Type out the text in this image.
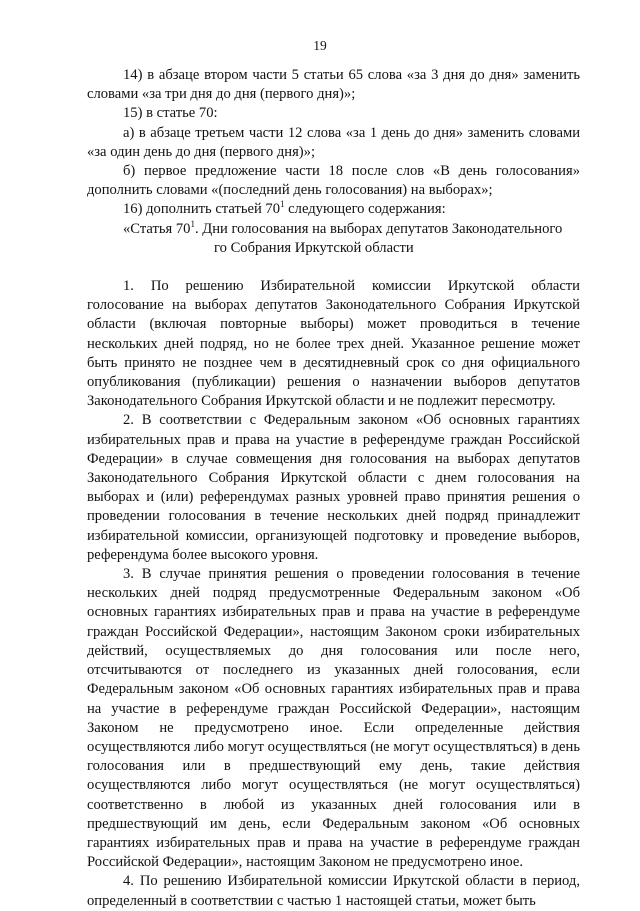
19

14) в абзаце втором части 5 статьи 65 слова «за 3 дня до дня» заменить словами «за три дня до дня (первого дня)»;

15) в статье 70:

а) в абзаце третьем части 12 слова «за 1 день до дня» заменить словами «за один день до дня (первого дня)»;

б) первое предложение части 18 после слов «В день голосования» дополнить словами «(последний день голосования) на выборах»;

16) дополнить статьей $70^1$ следующего содержания:

«Статья $70^1$. Дни голосования на выборах депутатов Законодательного
го Собрания Иркутской области

1. По решению Избирательной комиссии Иркутской области голосование на выборах депутатов Законодательного Собрания Иркутской области (включая повторные выборы) может проводиться в течение нескольких дней подряд, но не более трех дней. Указанное решение может быть принято не позднее чем в десятидневный срок со дня официального опубликования (публикации) решения о назначении выборов депутатов Законодательного Собрания Иркутской области и не подлежит пересмотру.

2. В соответствии с Федеральным законом «Об основных гарантиях избирательных прав и права на участие в референдуме граждан Российской Федерации» в случае совмещения дня голосования на выборах депутатов Законодательного Собрания Иркутской области с днем голосования на выборах и (или) референдумах разных уровней право принятия решения о проведении голосования в течение нескольких дней подряд принадлежит избирательной комиссии, организующей подготовку и проведение выборов, референдума более высокого уровня.

3. В случае принятия решения о проведении голосования в течение нескольких дней подряд предусмотренные Федеральным законом «Об основных гарантиях избирательных прав и права на участие в референдуме граждан Российской Федерации», настоящим Законом сроки избирательных действий, осуществляемых до дня голосования или после него, отсчитываются от последнего из указанных дней голосования, если Федеральным законом «Об основных гарантиях избирательных прав и права на участие в референдуме граждан Российской Федерации», настоящим Законом не предусмотрено иное. Если определенные действия осуществляются либо могут осуществляться (не могут осуществляться) в день голосования или в предшествующий ему день, такие действия осуществляются либо могут осуществляться (не могут осуществляться) соответственно в любой из указанных дней голосования или в предшествующий им день, если Федеральным законом «Об основных гарантиях избирательных прав и права на участие в референдуме граждан Российской Федерации», настоящим Законом не предусмотрено иное.

4. По решению Избирательной комиссии Иркутской области в период, определенный в соответствии с частью 1 настоящей статьи, может быть
